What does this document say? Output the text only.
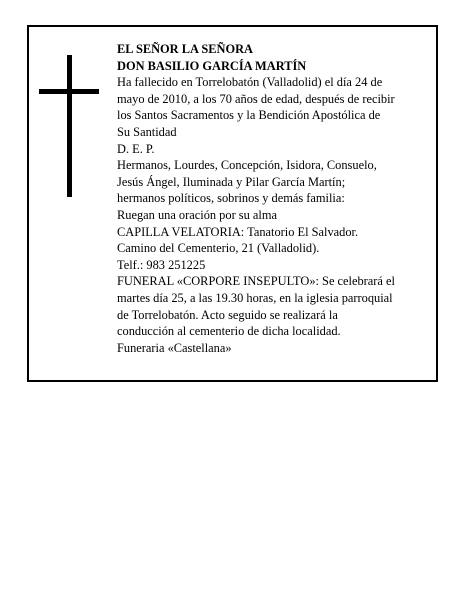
EL SEÑOR LA SEÑORA
DON BASILIO GARCÍA MARTÍN
Ha fallecido en Torrelobatón (Valladolid) el día 24 de
mayo de 2010, a los 70 años de edad, después de recibir
los Santos Sacramentos y la Bendición Apostólica de
Su Santidad
D. E. P.
Hermanos, Lourdes, Concepción, Isidora, Consuelo,
Jesús Ángel, Iluminada y Pilar García Martín;
hermanos políticos, sobrinos y demás familia:
Ruegan una oración por su alma
CAPILLA VELATORIA: Tanatorio El Salvador.
Camino del Cementerio, 21 (Valladolid).
Telf.: 983 251225
FUNERAL «CORPORE INSEPULTO»: Se celebrará el
martes día 25, a las 19.30 horas, en la iglesia parroquial
de Torrelobatón. Acto seguido se realizará la
conducción al cementerio de dicha localidad.
Funeraria «Castellana»
